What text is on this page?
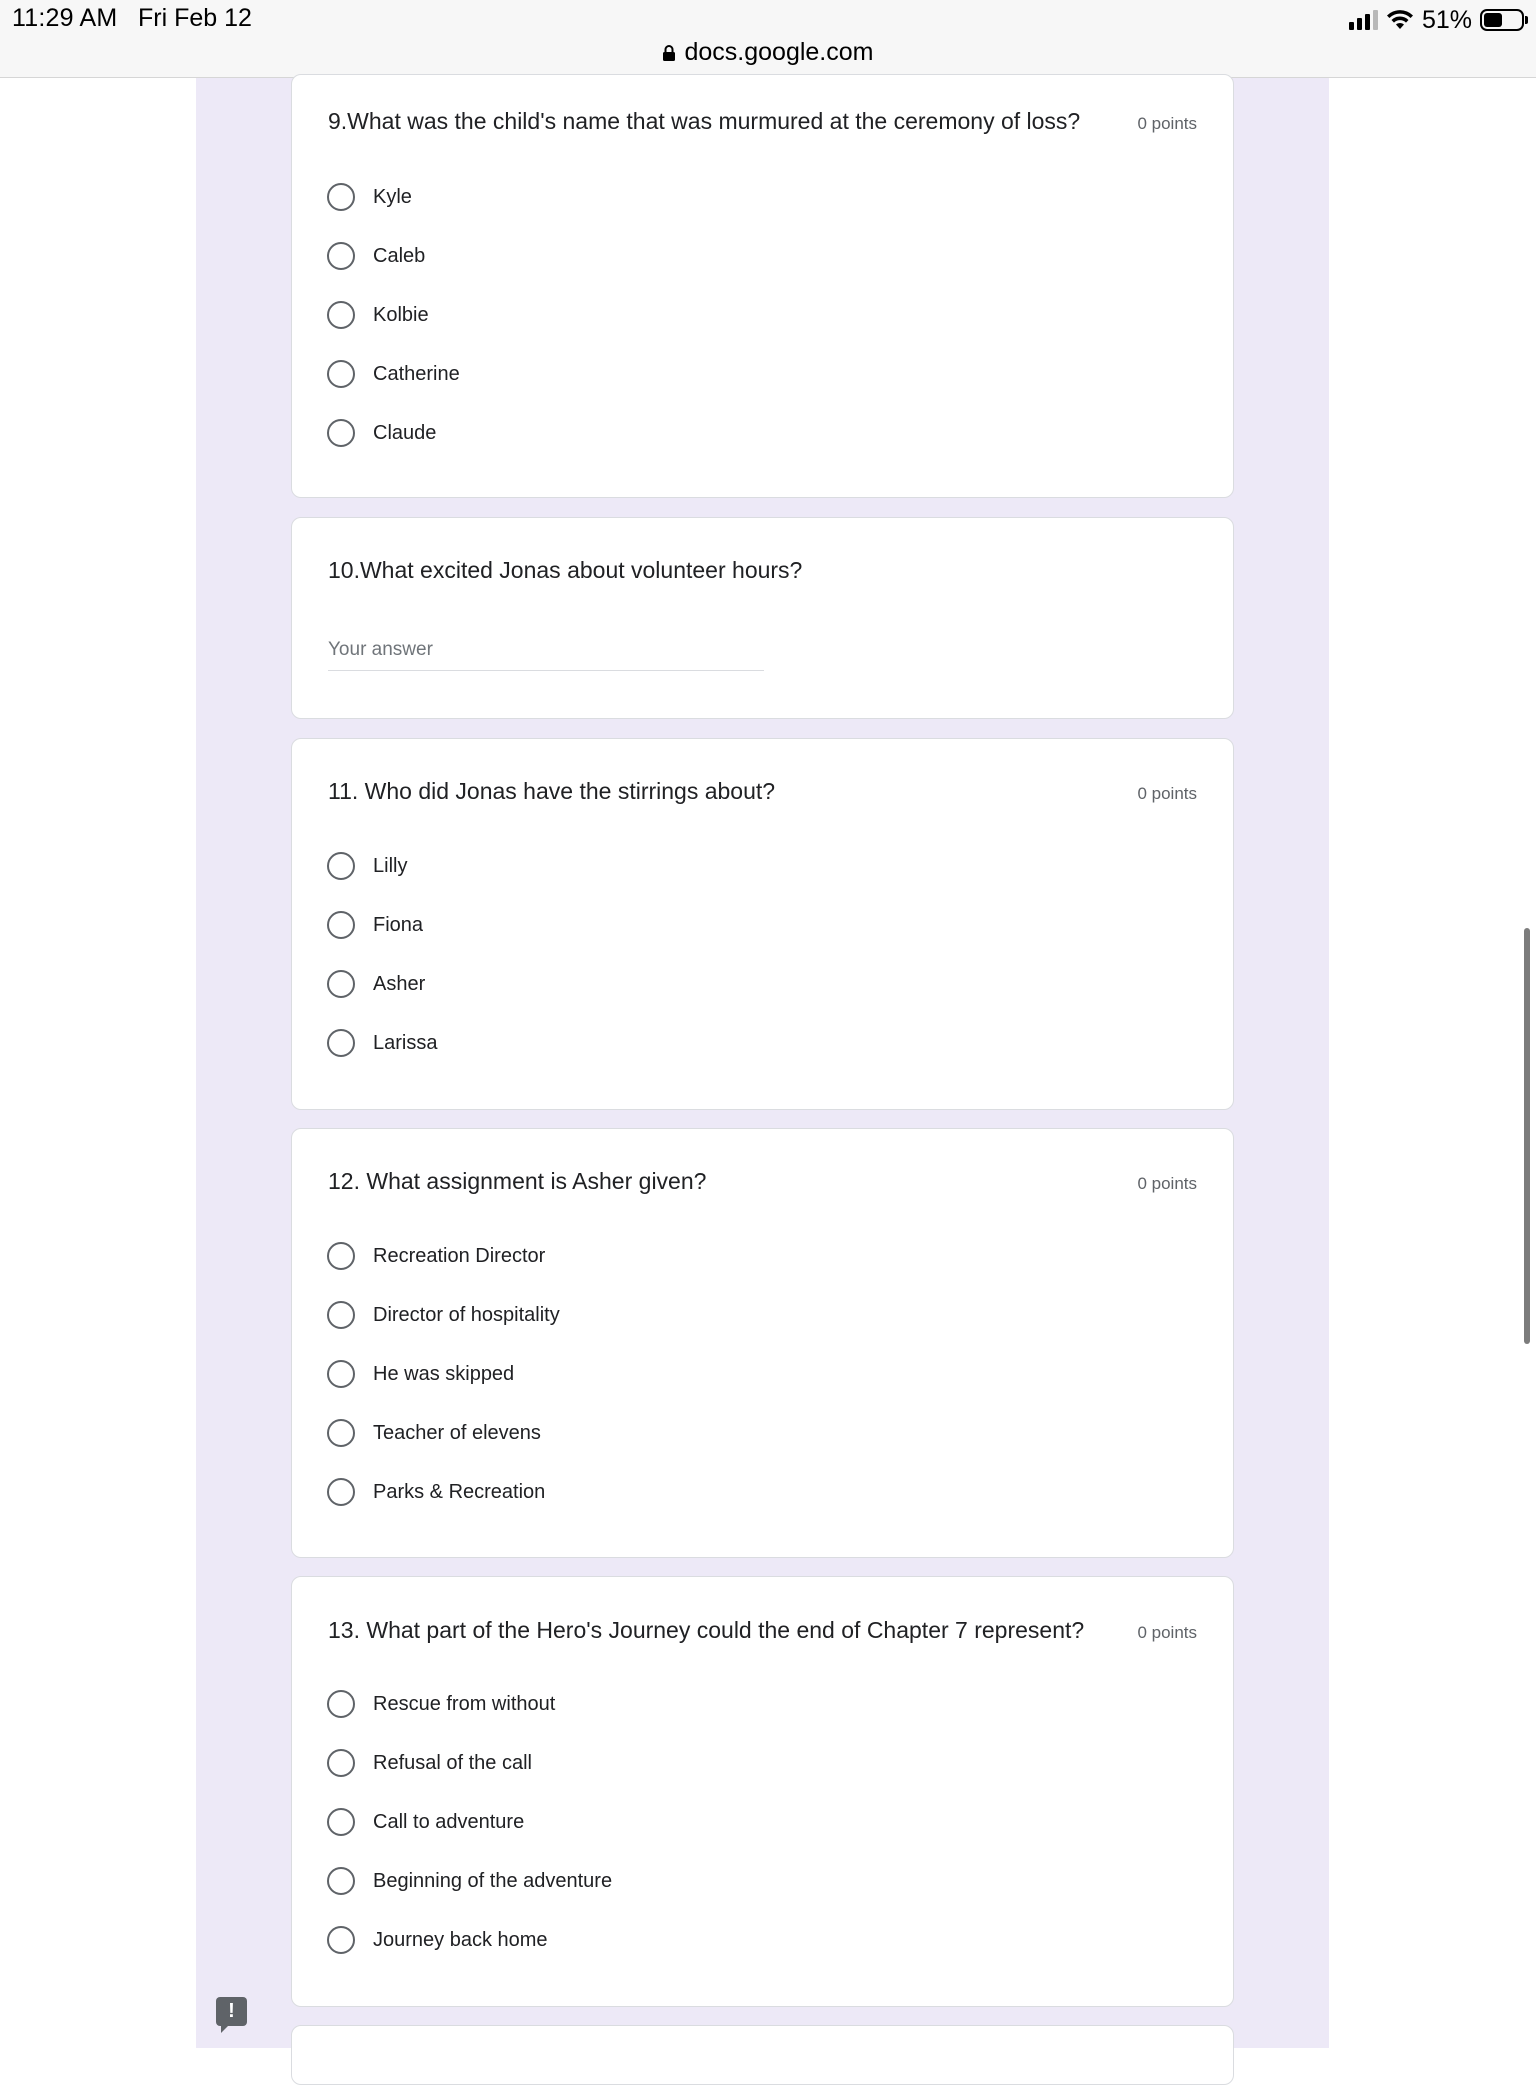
11:29 AM Fri Feb 12	51%
docs.google.com
9.What was the child's name that was murmured at the ceremony of loss?	0 points
Kyle
Caleb
Kolbie
Catherine
Claude
10.What excited Jonas about volunteer hours?
Your answer
11. Who did Jonas have the stirrings about?	0 points
Lilly
Fiona
Asher
Larissa
12. What assignment is Asher given?	0 points
Recreation Director
Director of hospitality
He was skipped
Teacher of elevens
Parks & Recreation
13. What part of the Hero's Journey could the end of Chapter 7 represent?	0 points
Rescue from without
Refusal of the call
Call to adventure
Beginning of the adventure
Journey back home
!
